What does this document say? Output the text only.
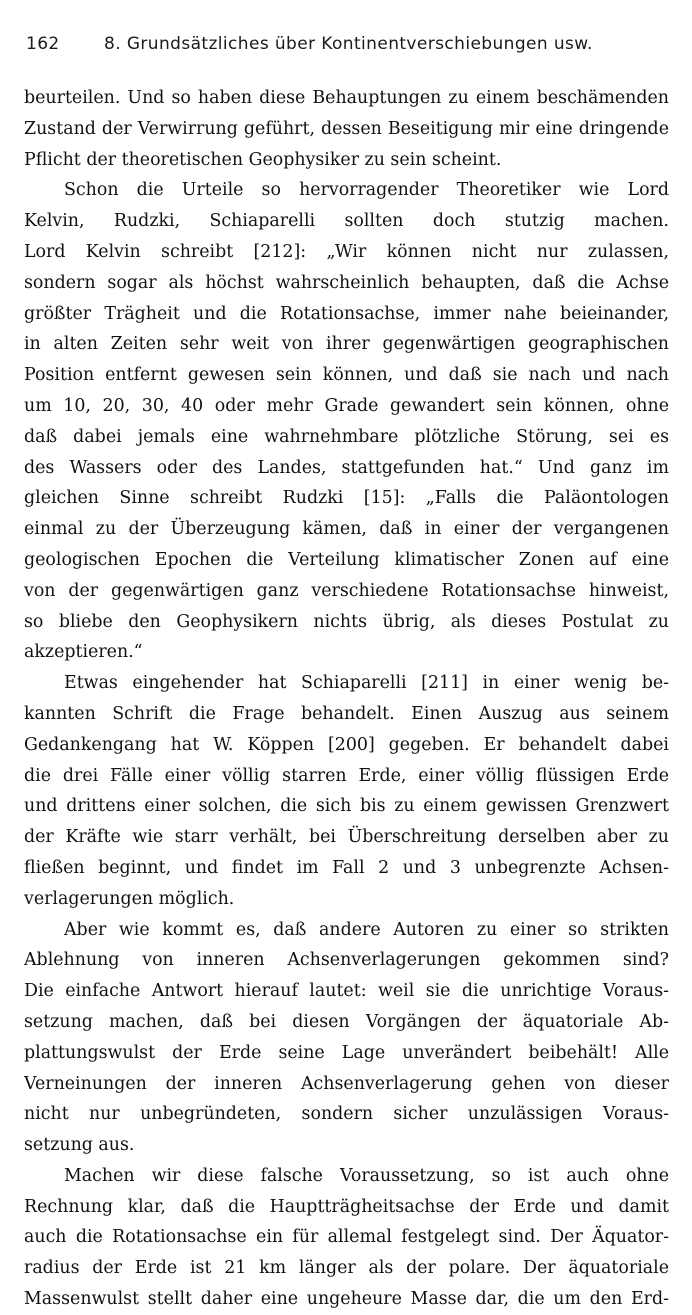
162	8. Grundsätzliches über Kontinentverschiebungen usw.
beurteilen. Und so haben diese Behauptungen zu einem beschämenden
Zustand der Verwirrung geführt, dessen Beseitigung mir eine dringende
Pflicht der theoretischen Geophysiker zu sein scheint.
Schon die Urteile so hervorragender Theoretiker wie Lord
Kelvin, Rudzki, Schiaparelli sollten doch stutzig machen.
Lord Kelvin schreibt [212]: „Wir können nicht nur zulassen,
sondern sogar als höchst wahrscheinlich behaupten, daß die Achse
größter Trägheit und die Rotationsachse, immer nahe beieinander,
in alten Zeiten sehr weit von ihrer gegenwärtigen geographischen
Position entfernt gewesen sein können, und daß sie nach und nach
um 10, 20, 30, 40 oder mehr Grade gewandert sein können, ohne
daß dabei jemals eine wahrnehmbare plötzliche Störung, sei es
des Wassers oder des Landes, stattgefunden hat.“ Und ganz im
gleichen Sinne schreibt Rudzki [15]: „Falls die Paläontologen
einmal zu der Überzeugung kämen, daß in einer der vergangenen
geologischen Epochen die Verteilung klimatischer Zonen auf eine
von der gegenwärtigen ganz verschiedene Rotationsachse hinweist,
so bliebe den Geophysikern nichts übrig, als dieses Postulat zu
akzeptieren.“
Etwas eingehender hat Schiaparelli [211] in einer wenig be-
kannten Schrift die Frage behandelt. Einen Auszug aus seinem
Gedankengang hat W. Köppen [200] gegeben. Er behandelt dabei
die drei Fälle einer völlig starren Erde, einer völlig flüssigen Erde
und drittens einer solchen, die sich bis zu einem gewissen Grenzwert
der Kräfte wie starr verhält, bei Überschreitung derselben aber zu
fließen beginnt, und findet im Fall 2 und 3 unbegrenzte Achsen-
verlagerungen möglich.
Aber wie kommt es, daß andere Autoren zu einer so strikten
Ablehnung von inneren Achsenverlagerungen gekommen sind?
Die einfache Antwort hierauf lautet: weil sie die unrichtige Voraus-
setzung machen, daß bei diesen Vorgängen der äquatoriale Ab-
plattungswulst der Erde seine Lage unverändert beibehält! Alle
Verneinungen der inneren Achsenverlagerung gehen von dieser
nicht nur unbegründeten, sondern sicher unzulässigen Voraus-
setzung aus.
Machen wir diese falsche Voraussetzung, so ist auch ohne
Rechnung klar, daß die Hauptträgheitsachse der Erde und damit
auch die Rotationsachse ein für allemal festgelegt sind. Der Äquator-
radius der Erde ist 21 km länger als der polare. Der äquatoriale
Massenwulst stellt daher eine ungeheure Masse dar, die um den Erd-
